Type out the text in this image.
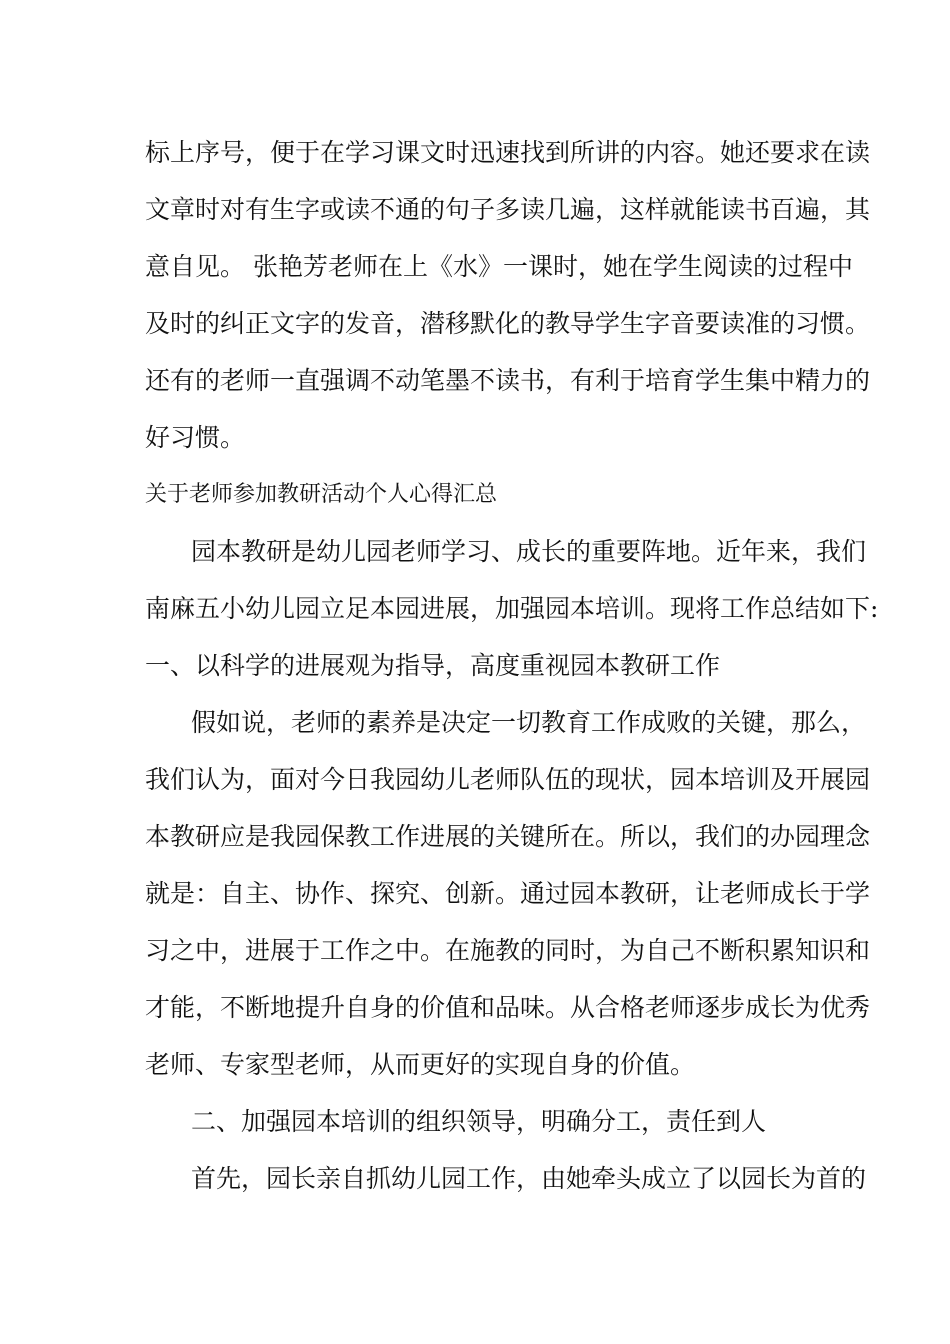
标上序号，便于在学习课文时迅速找到所讲的内容。她还要求在读

文章时对有生字或读不通的句子多读几遍，这样就能读书百遍，其

意自见。 张艳芳老师在上《水》一课时，她在学生阅读的过程中

及时的纠正文字的发音，潜移默化的教导学生字音要读准的习惯。

还有的老师一直强调不动笔墨不读书，有利于培育学生集中精力的

好习惯。

关于老师参加教研活动个人心得汇总

园本教研是幼儿园老师学习、成长的重要阵地。近年来，我们

南麻五小幼儿园立足本园进展，加强园本培训。现将工作总结如下:

一、以科学的进展观为指导，高度重视园本教研工作

假如说，老师的素养是决定一切教育工作成败的关键，那么，

我们认为，面对今日我园幼儿老师队伍的现状，园本培训及开展园

本教研应是我园保教工作进展的关键所在。所以，我们的办园理念

就是：自主、协作、探究、创新。通过园本教研，让老师成长于学

习之中，进展于工作之中。在施教的同时，为自己不断积累知识和

才能，不断地提升自身的价值和品味。从合格老师逐步成长为优秀

老师、专家型老师，从而更好的实现自身的价值。

二、加强园本培训的组织领导，明确分工，责任到人

首先，园长亲自抓幼儿园工作，由她牵头成立了以园长为首的
